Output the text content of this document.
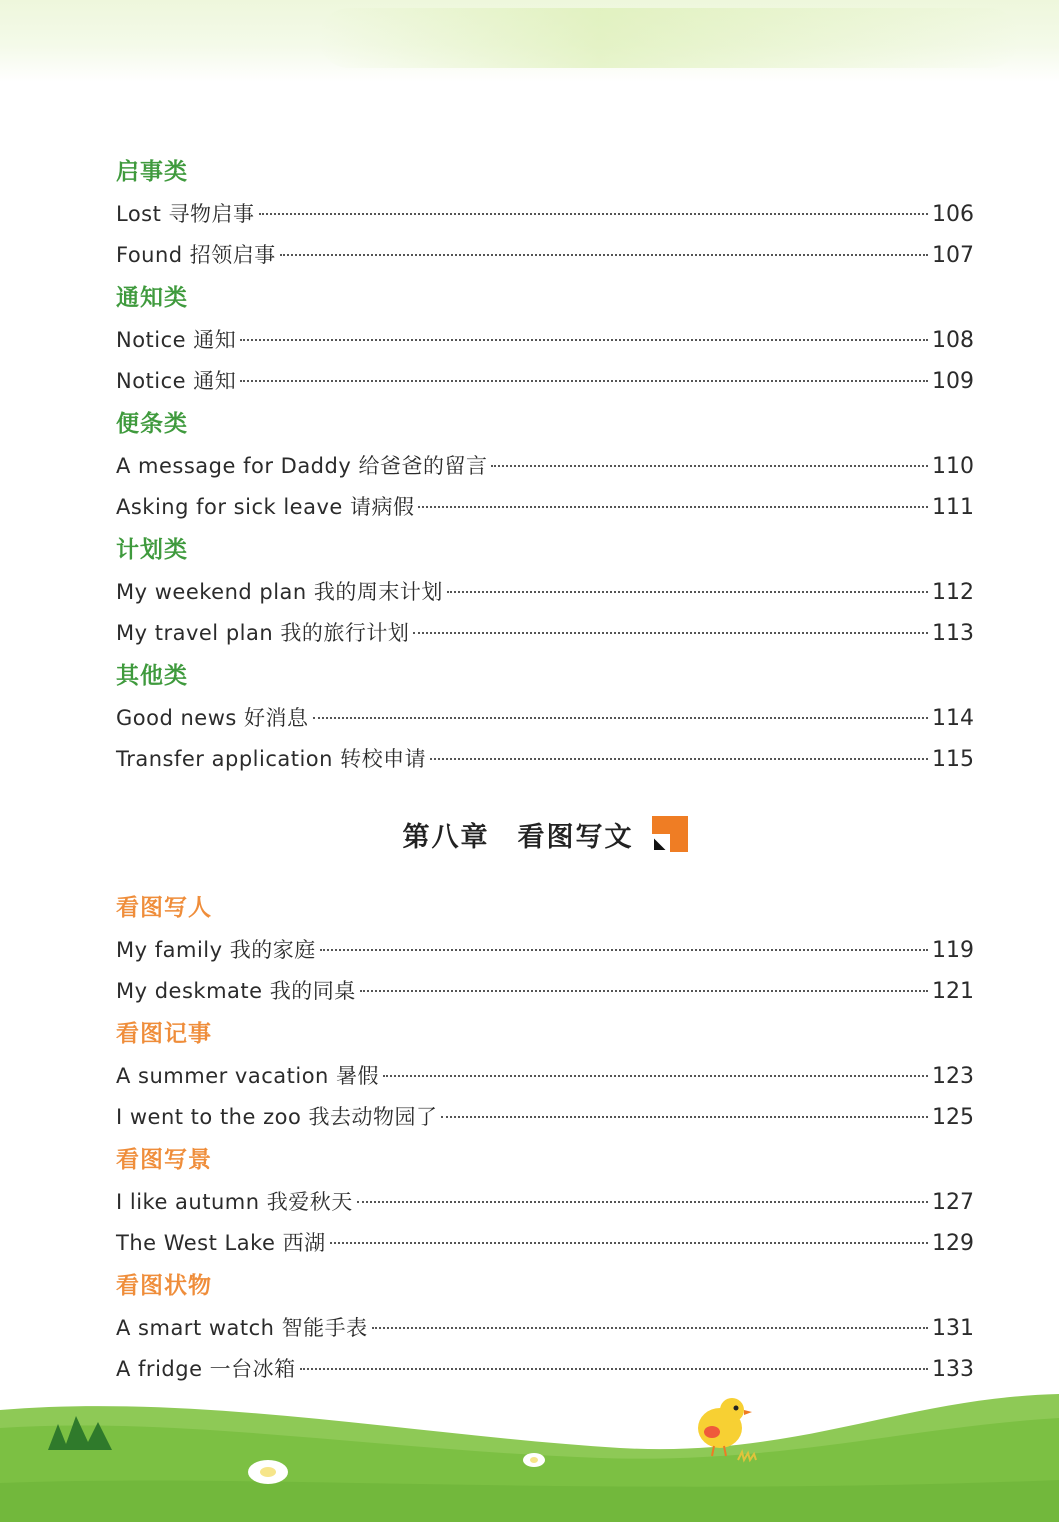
启事类
Lost 寻物启事	106
Found 招领启事	107
通知类
Notice 通知	108
Notice 通知	109
便条类
A message for Daddy 给爸爸的留言	110
Asking for sick leave 请病假	111
计划类
My weekend plan 我的周末计划	112
My travel plan 我的旅行计划	113
其他类
Good news 好消息	114
Transfer application 转校申请	115
第八章 看图写文
看图写人
My family 我的家庭	119
My deskmate 我的同桌	121
看图记事
A summer vacation 暑假	123
I went to the zoo 我去动物园了	125
看图写景
I like autumn 我爱秋天	127
The West Lake 西湖	129
看图状物
A smart watch 智能手表	131
A fridge 一台冰箱	133
